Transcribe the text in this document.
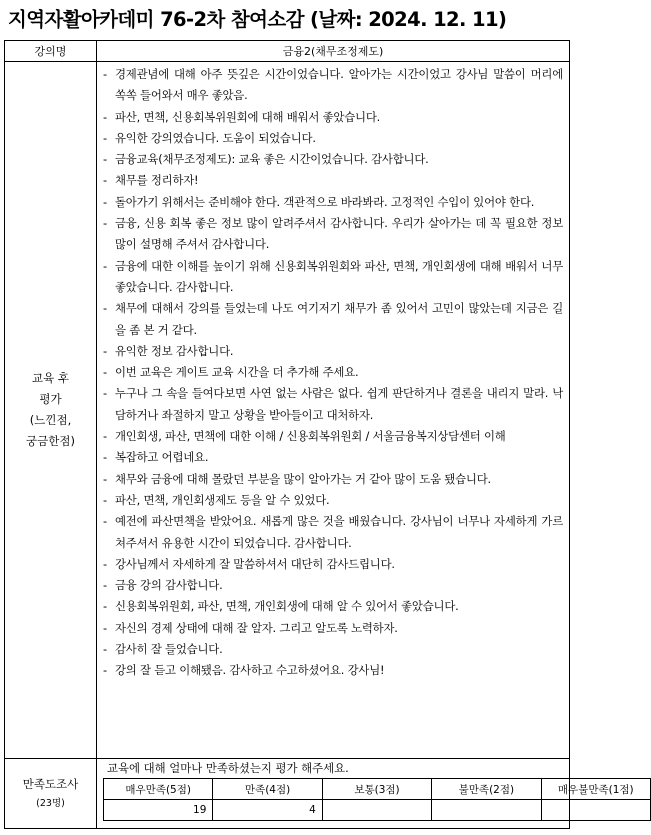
지역자활아카데미 76-2차 참여소감 (날짜: 2024. 12. 11)
강의명	금융2(채무조정제도)

교육 후
평가
(느낀점,
궁금한점)

- 경제관념에 대해 아주 뜻깊은 시간이었습니다. 알아가는 시간이었고 강사님 말씀이 머리에 쏙쏙 들어와서 매우 좋았음.
- 파산, 면책, 신용회복위원회에 대해 배워서 좋았습니다.
- 유익한 강의였습니다. 도움이 되었습니다.
- 금융교육(채무조정제도): 교육 좋은 시간이었습니다. 감사합니다.
- 채무를 정리하자!
- 돌아가기 위해서는 준비해야 한다. 객관적으로 바라봐라. 고정적인 수입이 있어야 한다.
- 금융, 신용 회복 좋은 정보 많이 알려주셔서 감사합니다. 우리가 살아가는 데 꼭 필요한 정보 많이 설명해 주셔서 감사합니다.
- 금융에 대한 이해를 높이기 위해 신용회복위원회와 파산, 면책, 개인회생에 대해 배워서 너무 좋았습니다. 감사합니다.
- 채무에 대해서 강의를 들었는데 나도 여기저기 채무가 좀 있어서 고민이 많았는데 지금은 길을 좀 본 거 같다.
- 유익한 정보 감사합니다.
- 이번 교육은 게이트 교육 시간을 더 추가해 주세요.
- 누구나 그 속을 들여다보면 사연 없는 사람은 없다. 쉽게 판단하거나 결론을 내리지 말라. 낙담하거나 좌절하지 말고 상황을 받아들이고 대처하자.
- 개인회생, 파산, 면책에 대한 이해 / 신용회복위원회 / 서울금융복지상담센터 이해
- 복잡하고 어렵네요.
- 채무와 금융에 대해 몰랐던 부분을 많이 알아가는 거 같아 많이 도움 됐습니다.
- 파산, 면책, 개인회생제도 등을 알 수 있었다.
- 예전에 파산면책을 받았어요. 새롭게 많은 것을 배웠습니다. 강사님이 너무나 자세하게 가르쳐주셔서 유용한 시간이 되었습니다. 감사합니다.
- 강사님께서 자세하게 잘 말씀하셔서 대단히 감사드립니다.
- 금융 강의 감사합니다.
- 신용회복위원회, 파산, 면책, 개인회생에 대해 알 수 있어서 좋았습니다.
- 자신의 경제 상태에 대해 잘 알자. 그리고 알도록 노력하자.
- 감사히 잘 들었습니다.
- 강의 잘 듣고 이해됐음. 감사하고 수고하셨어요. 강사님!

만족도조사
(23명)

교육에 대해 얼마나 만족하셨는지 평가 해주세요.
매우만족(5점)	만족(4점)	보통(3점)	불만족(2점)	매우불만족(1점)
19	4			
